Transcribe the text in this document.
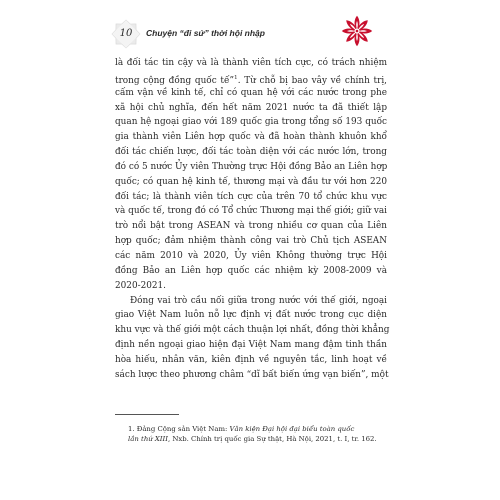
10	Chuyện “đi sứ” thời hội nhập
là đối tác tin cậy và là thành viên tích cực, có trách nhiệm
trong cộng đồng quốc tế”$^1$. Từ chỗ bị bao vây về chính trị,
cấm vận về kinh tế, chỉ có quan hệ với các nước trong phe
xã hội chủ nghĩa, đến hết năm 2021 nước ta đã thiết lập
quan hệ ngoại giao với 189 quốc gia trong tổng số 193 quốc
gia thành viên Liên hợp quốc và đã hoàn thành khuôn khổ
đối tác chiến lược, đối tác toàn diện với các nước lớn, trong
đó có 5 nước Ủy viên Thường trực Hội đồng Bảo an Liên hợp
quốc; có quan hệ kinh tế, thương mại và đầu tư với hơn 220
đối tác; là thành viên tích cực của trên 70 tổ chức khu vực
và quốc tế, trong đó có Tổ chức Thương mại thế giới; giữ vai
trò nổi bật trong ASEAN và trong nhiều cơ quan của Liên
hợp quốc; đảm nhiệm thành công vai trò Chủ tịch ASEAN
các năm 2010 và 2020, Ủy viên Không thường trực Hội
đồng Bảo an Liên hợp quốc các nhiệm kỳ 2008-2009 và
2020-2021.
Đóng vai trò cầu nối giữa trong nước với thế giới, ngoại
giao Việt Nam luôn nỗ lực định vị đất nước trong cục diện
khu vực và thế giới một cách thuận lợi nhất, đồng thời khẳng
định nền ngoại giao hiện đại Việt Nam mang đậm tinh thần
hòa hiếu, nhân văn, kiên định về nguyên tắc, linh hoạt về
sách lược theo phương châm “dĩ bất biến ứng vạn biến”, một
1. Đảng Cộng sản Việt Nam: Văn kiện Đại hội đại biểu toàn quốc
lần thứ XIII, Nxb. Chính trị quốc gia Sự thật, Hà Nội, 2021, t. I, tr. 162.
